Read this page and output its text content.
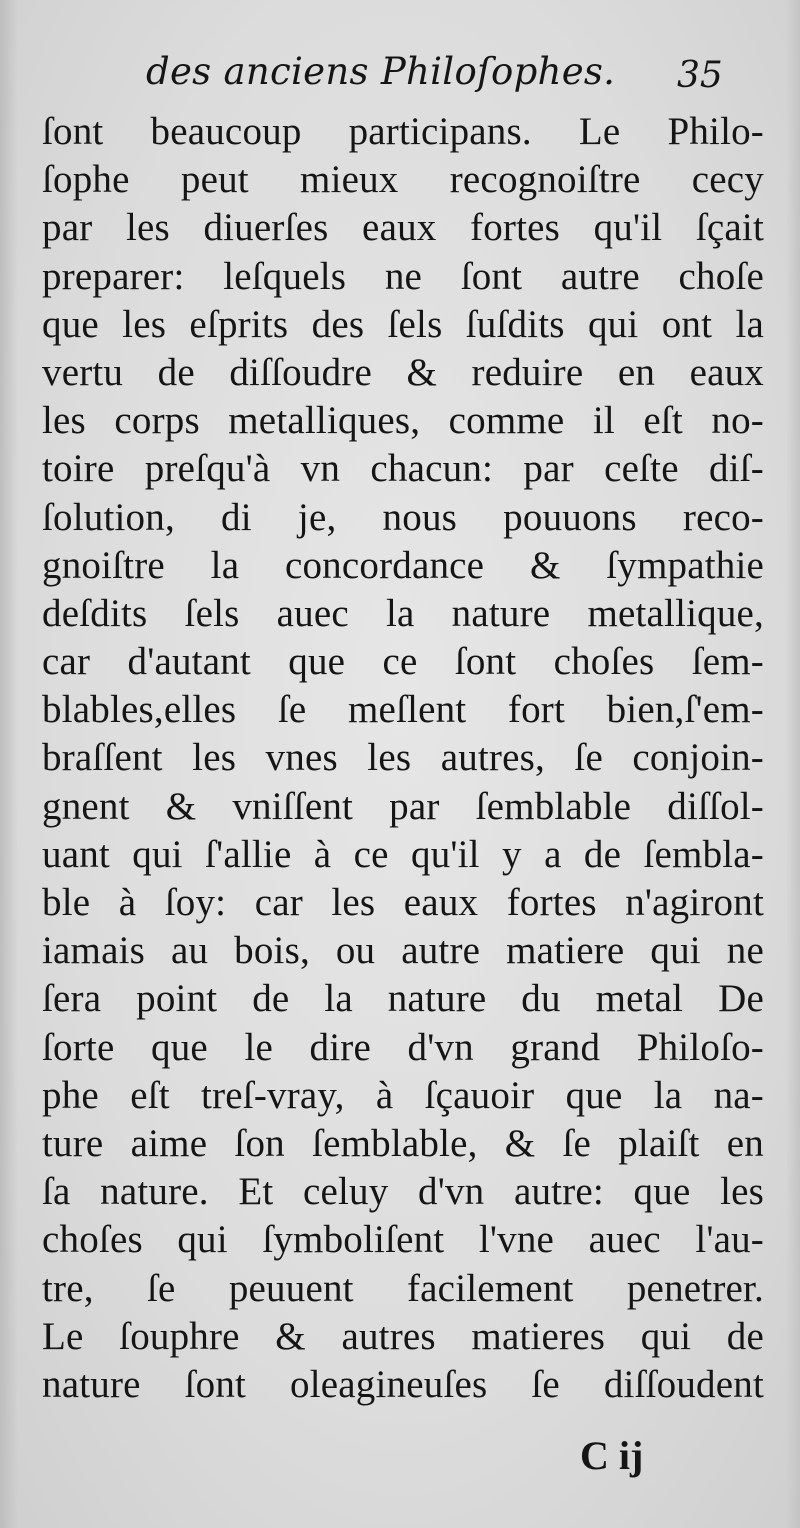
des anciens Philoſophes. 35
ſont beaucoup participans. Le Philo-
ſophe peut mieux recognoiſtre cecy
par les diuerſes eaux fortes qu'il ſçait
preparer: leſquels ne ſont autre choſe
que les eſprits des ſels ſuſdits qui ont la
vertu de diſſoudre & reduire en eaux
les corps metalliques, comme il eſt no-
toire preſqu'à vn chacun: par ceſte diſ-
ſolution, di je, nous pouuons reco-
gnoiſtre la concordance & ſympathie
deſdits ſels auec la nature metallique,
car d'autant que ce ſont choſes ſem-
blables,elles ſe meſlent fort bien,ſ'em-
braſſent les vnes les autres, ſe conjoin-
gnent & vniſſent par ſemblable diſſol-
uant qui ſ'allie à ce qu'il y a de ſembla-
ble à ſoy: car les eaux fortes n'agiront
iamais au bois, ou autre matiere qui ne
ſera point de la nature du metal De
ſorte que le dire d'vn grand Philoſo-
phe eſt treſ-vray, à ſçauoir que la na-
ture aime ſon ſemblable, & ſe plaiſt en
ſa nature. Et celuy d'vn autre: que les
choſes qui ſymboliſent l'vne auec l'au-
tre, ſe peuuent facilement penetrer.
Le ſouphre & autres matieres qui de
nature ſont oleagineuſes ſe diſſoudent
C ij
